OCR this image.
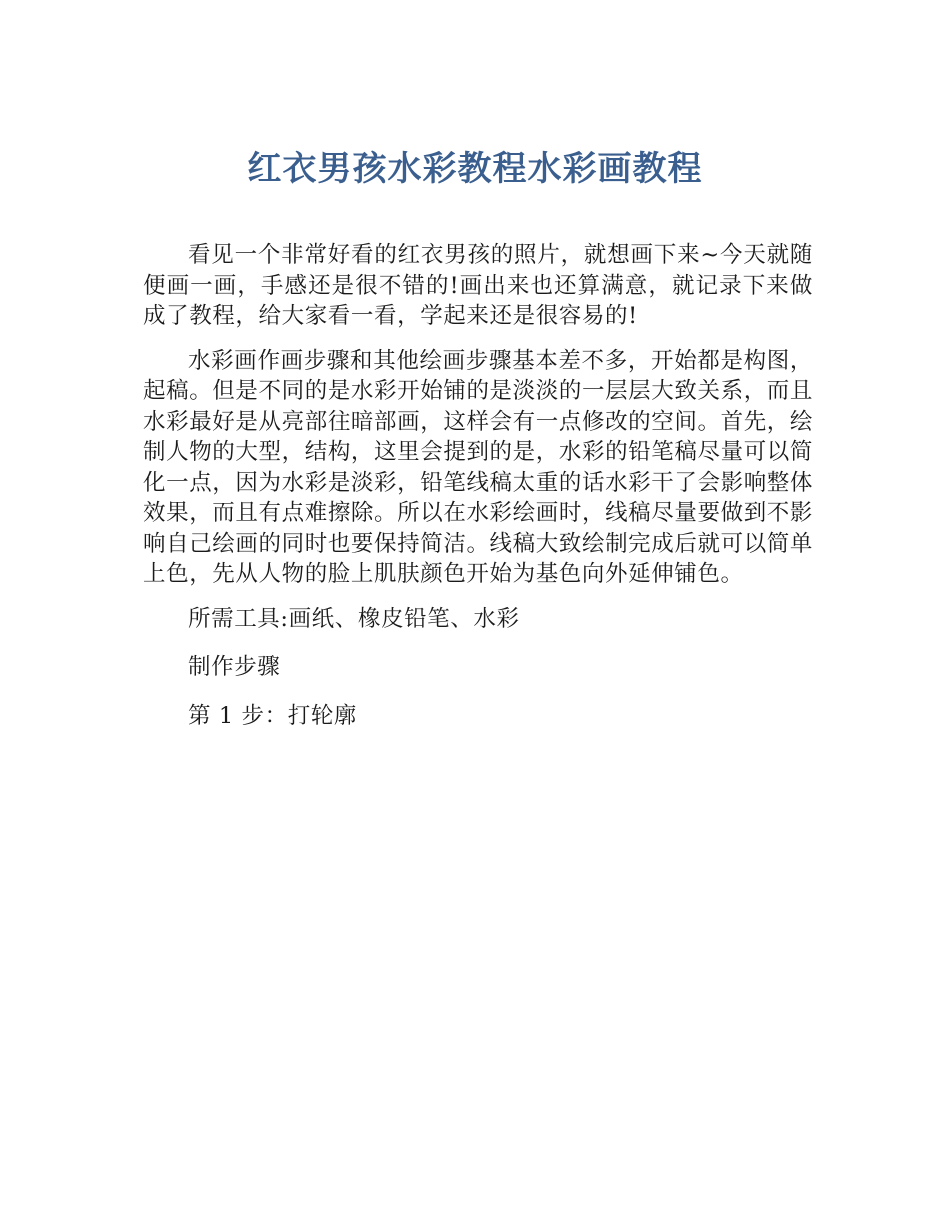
红衣男孩水彩教程水彩画教程

看见一个非常好看的红衣男孩的照片，就想画下来~今天就随便画一画，手感还是很不错的!画出来也还算满意，就记录下来做成了教程，给大家看一看，学起来还是很容易的!

水彩画作画步骤和其他绘画步骤基本差不多，开始都是构图，起稿。但是不同的是水彩开始铺的是淡淡的一层层大致关系，而且水彩最好是从亮部往暗部画，这样会有一点修改的空间。首先，绘制人物的大型，结构，这里会提到的是，水彩的铅笔稿尽量可以简化一点，因为水彩是淡彩，铅笔线稿太重的话水彩干了会影响整体效果，而且有点难擦除。所以在水彩绘画时，线稿尽量要做到不影响自己绘画的同时也要保持简洁。线稿大致绘制完成后就可以简单上色，先从人物的脸上肌肤颜色开始为基色向外延伸铺色。

所需工具:画纸、橡皮铅笔、水彩

制作步骤

第 1 步：打轮廓
